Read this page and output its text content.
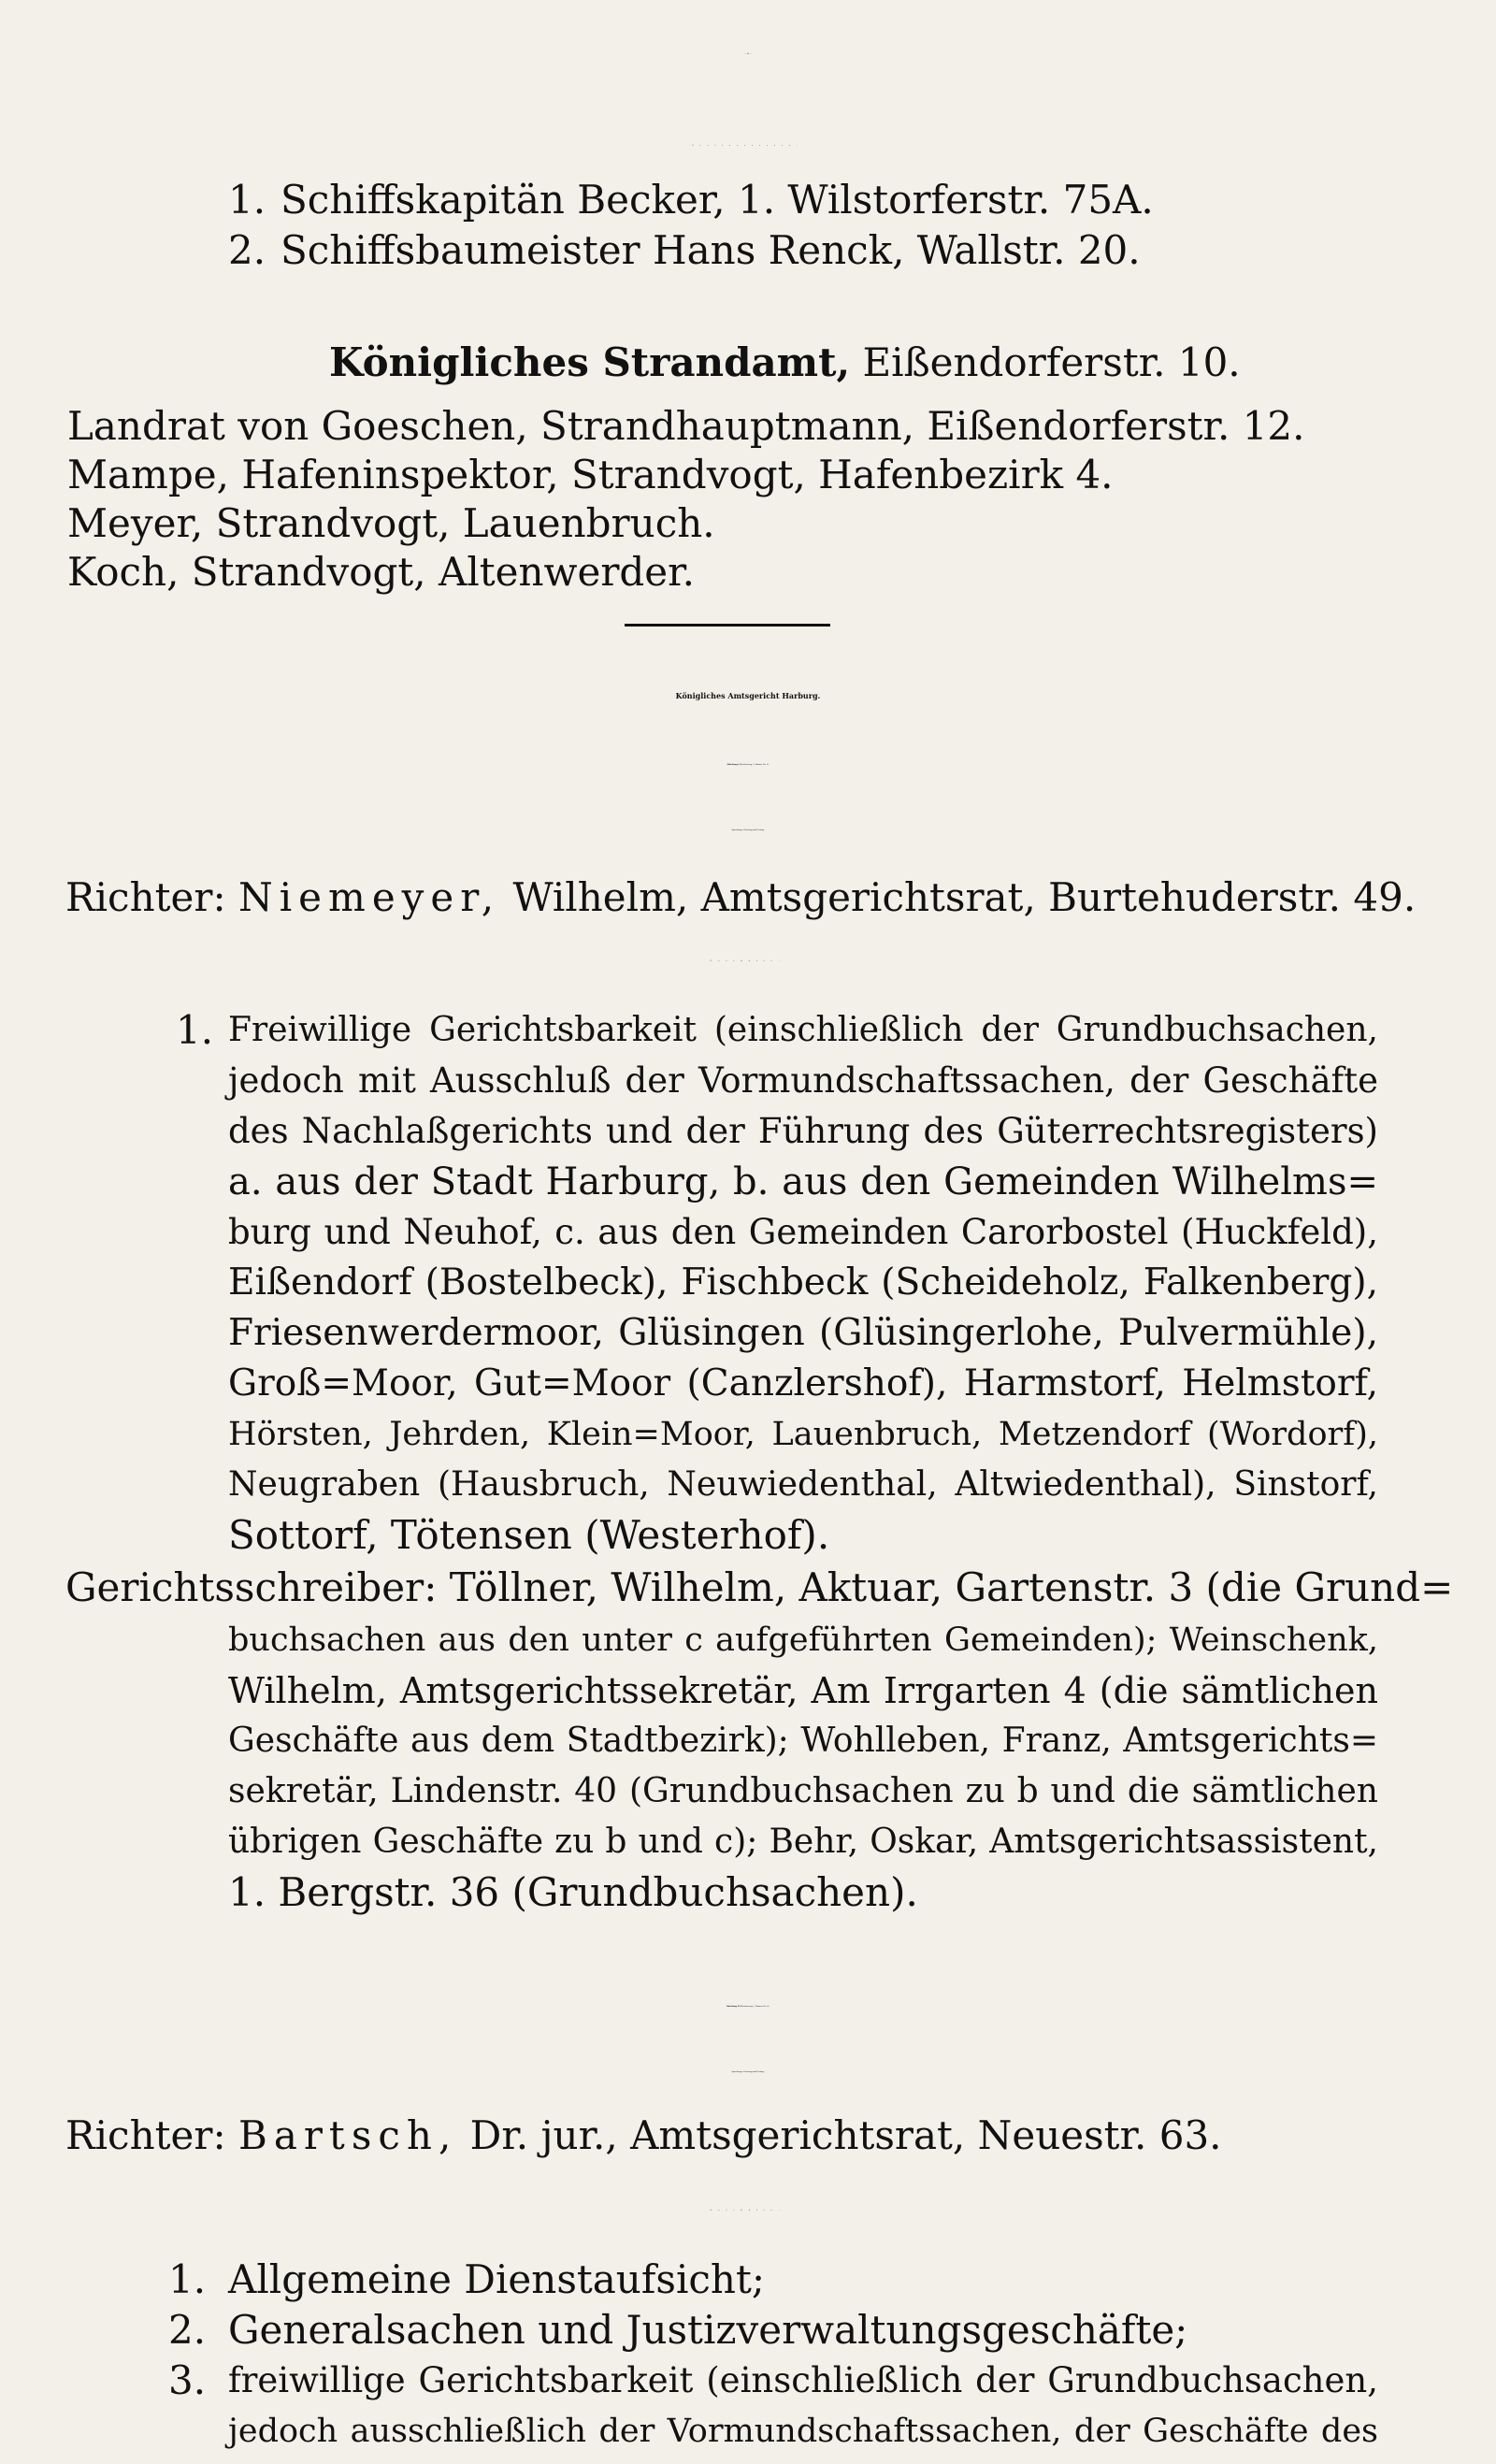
— 43 —
Stellvertreter:
1. Schiffskapitän Becker, 1. Wilstorferstr. 75A.
2. Schiffsbaumeister Hans Renck, Wallstr. 20.
Königliches Strandamt, Eißendorferstr. 10.
Landrat von Goeschen, Strandhauptmann, Eißendorferstr. 12.
Mampe, Hafeninspektor, Strandvogt, Hafenbezirk 4.
Meyer, Strandvogt, Lauenbruch.
Koch, Strandvogt, Altenwerder.
Königliches Amtsgericht Harburg.
Abteilung I (Bleicherweg 1, Zimmer Nr. 1).
Sprechtage: Dienstag und Freitag.
Richter: Niemeyer, Wilhelm, Amtsgerichtsrat, Burtehuderstr. 49.
Geschäfte:
1. Freiwillige Gerichtsbarkeit (einschließlich der Grundbuchsachen,
jedoch mit Ausschluß der Vormundschaftssachen, der Geschäfte
des Nachlaßgerichts und der Führung des Güterrechtsregisters)
a. aus der Stadt Harburg, b. aus den Gemeinden Wilhelms=
burg und Neuhof, c. aus den Gemeinden Carorbostel (Huckfeld),
Eißendorf (Bostelbeck), Fischbeck (Scheideholz, Falkenberg),
Friesenwerdermoor, Glüsingen (Glüsingerlohe, Pulvermühle),
Groß=Moor, Gut=Moor (Canzlershof), Harmstorf, Helmstorf,
Hörsten, Jehrden, Klein=Moor, Lauenbruch, Metzendorf (Wordorf),
Neugraben (Hausbruch, Neuwiedenthal, Altwiedenthal), Sinstorf,
Sottorf, Tötensen (Westerhof).
Gerichtsschreiber: Töllner, Wilhelm, Aktuar, Gartenstr. 3 (die Grund=
buchsachen aus den unter c aufgeführten Gemeinden); Weinschenk,
Wilhelm, Amtsgerichtssekretär, Am Irrgarten 4 (die sämtlichen
Geschäfte aus dem Stadtbezirk); Wohlleben, Franz, Amtsgerichts=
sekretär, Lindenstr. 40 (Grundbuchsachen zu b und die sämtlichen
übrigen Geschäfte zu b und c); Behr, Oskar, Amtsgerichtsassistent,
1. Bergstr. 36 (Grundbuchsachen).
Abteilung II (Bleicherweg 1, Zimmer Nr. 4).
Sprechtage: Dienstag und Freitag.
Richter: Bartsch, Dr. jur., Amtsgerichtsrat, Neuestr. 63.
Geschäfte:
1. Allgemeine Dienstaufsicht;
2. Generalsachen und Justizverwaltungsgeschäfte;
3. freiwillige Gerichtsbarkeit (einschließlich der Grundbuchsachen,
jedoch ausschließlich der Vormundschaftssachen, der Geschäfte des
